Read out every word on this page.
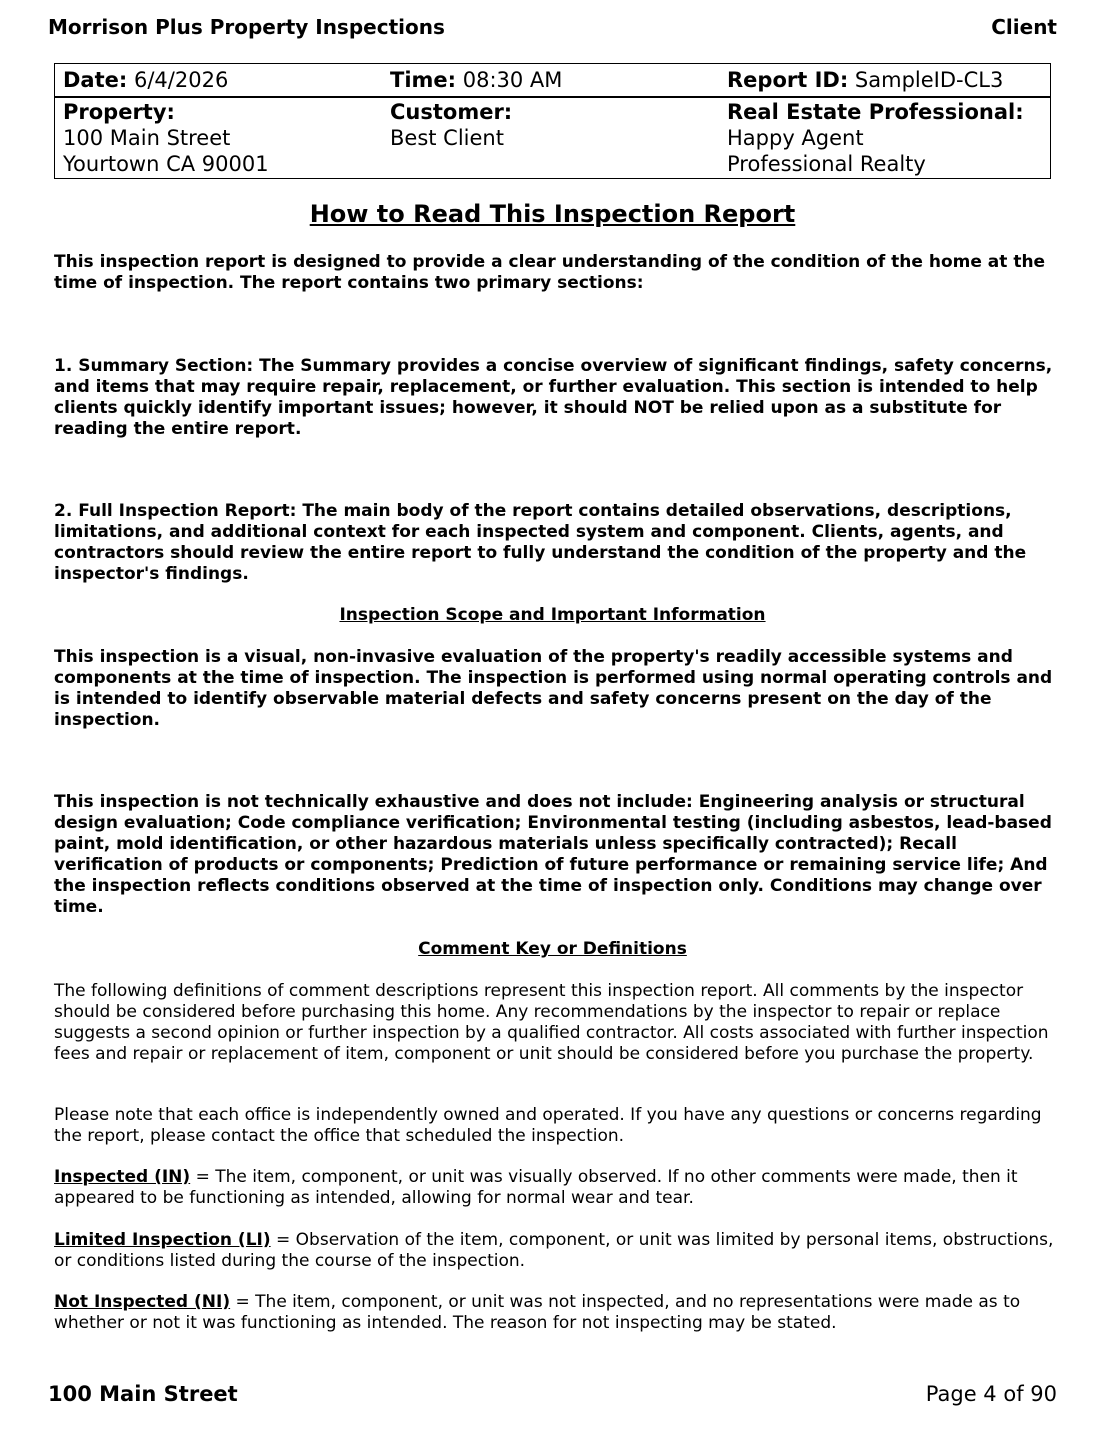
Morrison Plus Property Inspections	Client
Date: 6/4/2026	Time: 08:30 AM	Report ID: SampleID-CL3
Property:
100 Main Street
Yourtown CA 90001
Customer:
Best Client
Real Estate Professional:
Happy Agent
Professional Realty
How to Read This Inspection Report

This inspection report is designed to provide a clear understanding of the condition of the home at the time of inspection. The report contains two primary sections:

1. Summary Section: The Summary provides a concise overview of significant findings, safety concerns, and items that may require repair, replacement, or further evaluation. This section is intended to help clients quickly identify important issues; however, it should NOT be relied upon as a substitute for reading the entire report.

2. Full Inspection Report: The main body of the report contains detailed observations, descriptions, limitations, and additional context for each inspected system and component. Clients, agents, and contractors should review the entire report to fully understand the condition of the property and the inspector's findings.

Inspection Scope and Important Information

This inspection is a visual, non-invasive evaluation of the property's readily accessible systems and components at the time of inspection. The inspection is performed using normal operating controls and is intended to identify observable material defects and safety concerns present on the day of the inspection.

This inspection is not technically exhaustive and does not include: Engineering analysis or structural design evaluation; Code compliance verification; Environmental testing (including asbestos, lead-based paint, mold identification, or other hazardous materials unless specifically contracted); Recall verification of products or components; Prediction of future performance or remaining service life; And the inspection reflects conditions observed at the time of inspection only. Conditions may change over time.

Comment Key or Definitions

The following definitions of comment descriptions represent this inspection report. All comments by the inspector should be considered before purchasing this home. Any recommendations by the inspector to repair or replace suggests a second opinion or further inspection by a qualified contractor. All costs associated with further inspection fees and repair or replacement of item, component or unit should be considered before you purchase the property.

Please note that each office is independently owned and operated. If you have any questions or concerns regarding the report, please contact the office that scheduled the inspection.

Inspected (IN) = The item, component, or unit was visually observed. If no other comments were made, then it appeared to be functioning as intended, allowing for normal wear and tear.

Limited Inspection (LI) = Observation of the item, component, or unit was limited by personal items, obstructions, or conditions listed during the course of the inspection.

Not Inspected (NI) = The item, component, or unit was not inspected, and no representations were made as to whether or not it was functioning as intended. The reason for not inspecting may be stated.

100 Main Street	Page 4 of 90
